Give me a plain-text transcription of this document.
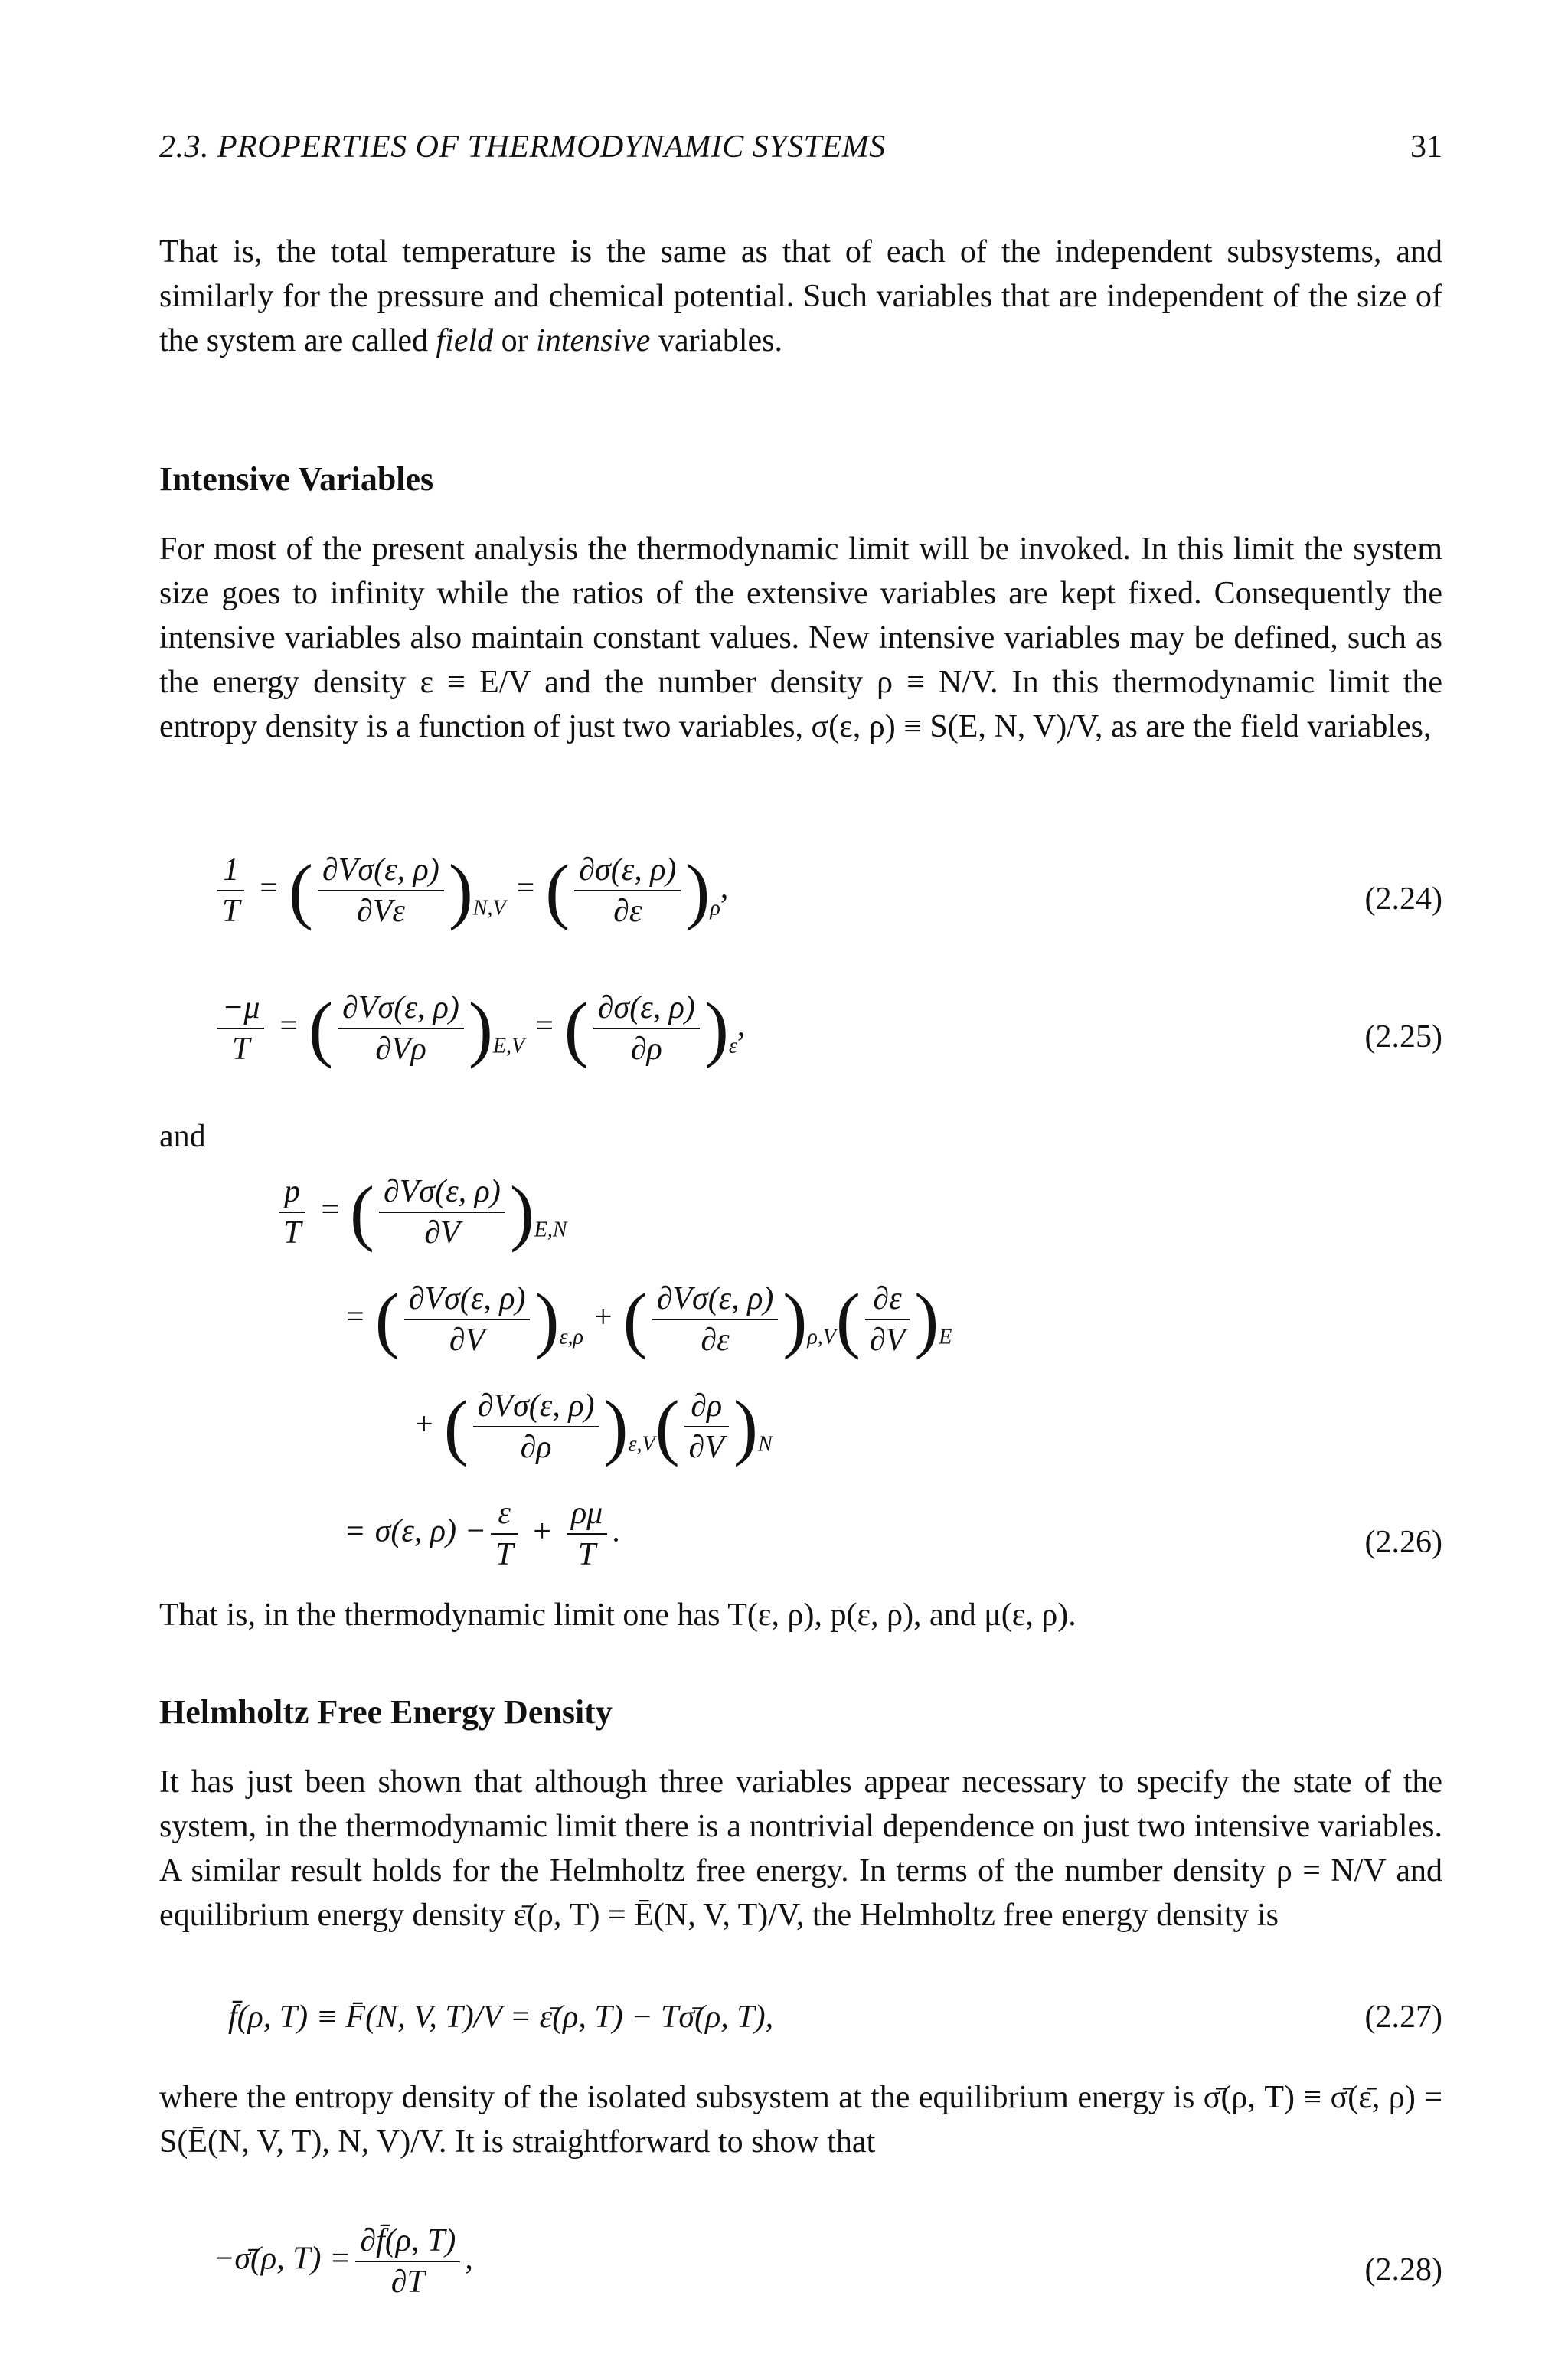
2.3. PROPERTIES OF THERMODYNAMIC SYSTEMS	31

That is, the total temperature is the same as that of each of the independent subsystems, and similarly for the pressure and chemical potential. Such variables that are independent of the size of the system are called field or intensive variables.

Intensive Variables

For most of the present analysis the thermodynamic limit will be invoked. In this limit the system size goes to infinity while the ratios of the extensive variables are kept fixed. Consequently the intensive variables also maintain constant values. New intensive variables may be defined, such as the energy density ε ≡ E/V and the number density ρ ≡ N/V. In this thermodynamic limit the entropy density is a function of just two variables, σ(ε, ρ) ≡ S(E, N, V)/V, as are the field variables,

$\frac{1}{T}$ = ( $\frac{\partial V\sigma(\varepsilon, \rho)}{\partial V\varepsilon} )_{N,V}=$ ( $\frac{\partial\sigma(\varepsilon, \rho)}{\partial\varepsilon} )_\rho$,	(2.24)
$\frac{-\mu}{T}$ = ( $\frac{\partial V\sigma(\varepsilon, \rho)}{\partial V\rho} )_{E,V}=$ ( $\frac{\partial\sigma(\varepsilon, \rho)}{\partial\rho} )_\varepsilon$,	(2.25)
and
$\frac{p}{T}$ = ( $\frac{\partial V\sigma(\varepsilon, \rho)}{\partial V} )_{E,N}$
= ( $\frac{\partial V\sigma(\varepsilon, \rho)}{\partial V} )_{\varepsilon,\rho}+$ ( $\frac{\partial V\sigma(\varepsilon, \rho)}{\partial\varepsilon} )_{\rho,V}( \frac{\partial\varepsilon}{\partial V} )_E$
+ ( $\frac{\partial V\sigma(\varepsilon, \rho)}{\partial\rho} )_{\varepsilon,V}( \frac{\partial\rho}{\partial V} )_N$
= σ(ε, $\rho) - \frac{\varepsilon}{T} + \frac{\rho\mu}{T}$ .	(2.26)

That is, in the thermodynamic limit one has T(ε, ρ), p(ε, ρ), and μ(ε, ρ).

Helmholtz Free Energy Density

It has just been shown that although three variables appear necessary to specify the state of the system, in the thermodynamic limit there is a nontrivial dependence on just two intensive variables. A similar result holds for the Helmholtz free energy. In terms of the number density ρ = N/V and equilibrium energy density ε̄(ρ, T) = Ē(N, V, T)/V, the Helmholtz free energy density is

f̄(ρ, T) ≡ F̄(N, V, T)/V = ε̄(ρ, T) − Tσ̄(ρ, T),	(2.27)

where the entropy density of the isolated subsystem at the equilibrium energy is σ̄(ρ, T) ≡ σ̄(ε̄, ρ) = S(Ē(N, V, T), N, V)/V. It is straightforward to show that

−σ̄(ρ, $T) = \frac{\partial f̄(\rho, T)}{\partial T}$ ,	(2.28)
